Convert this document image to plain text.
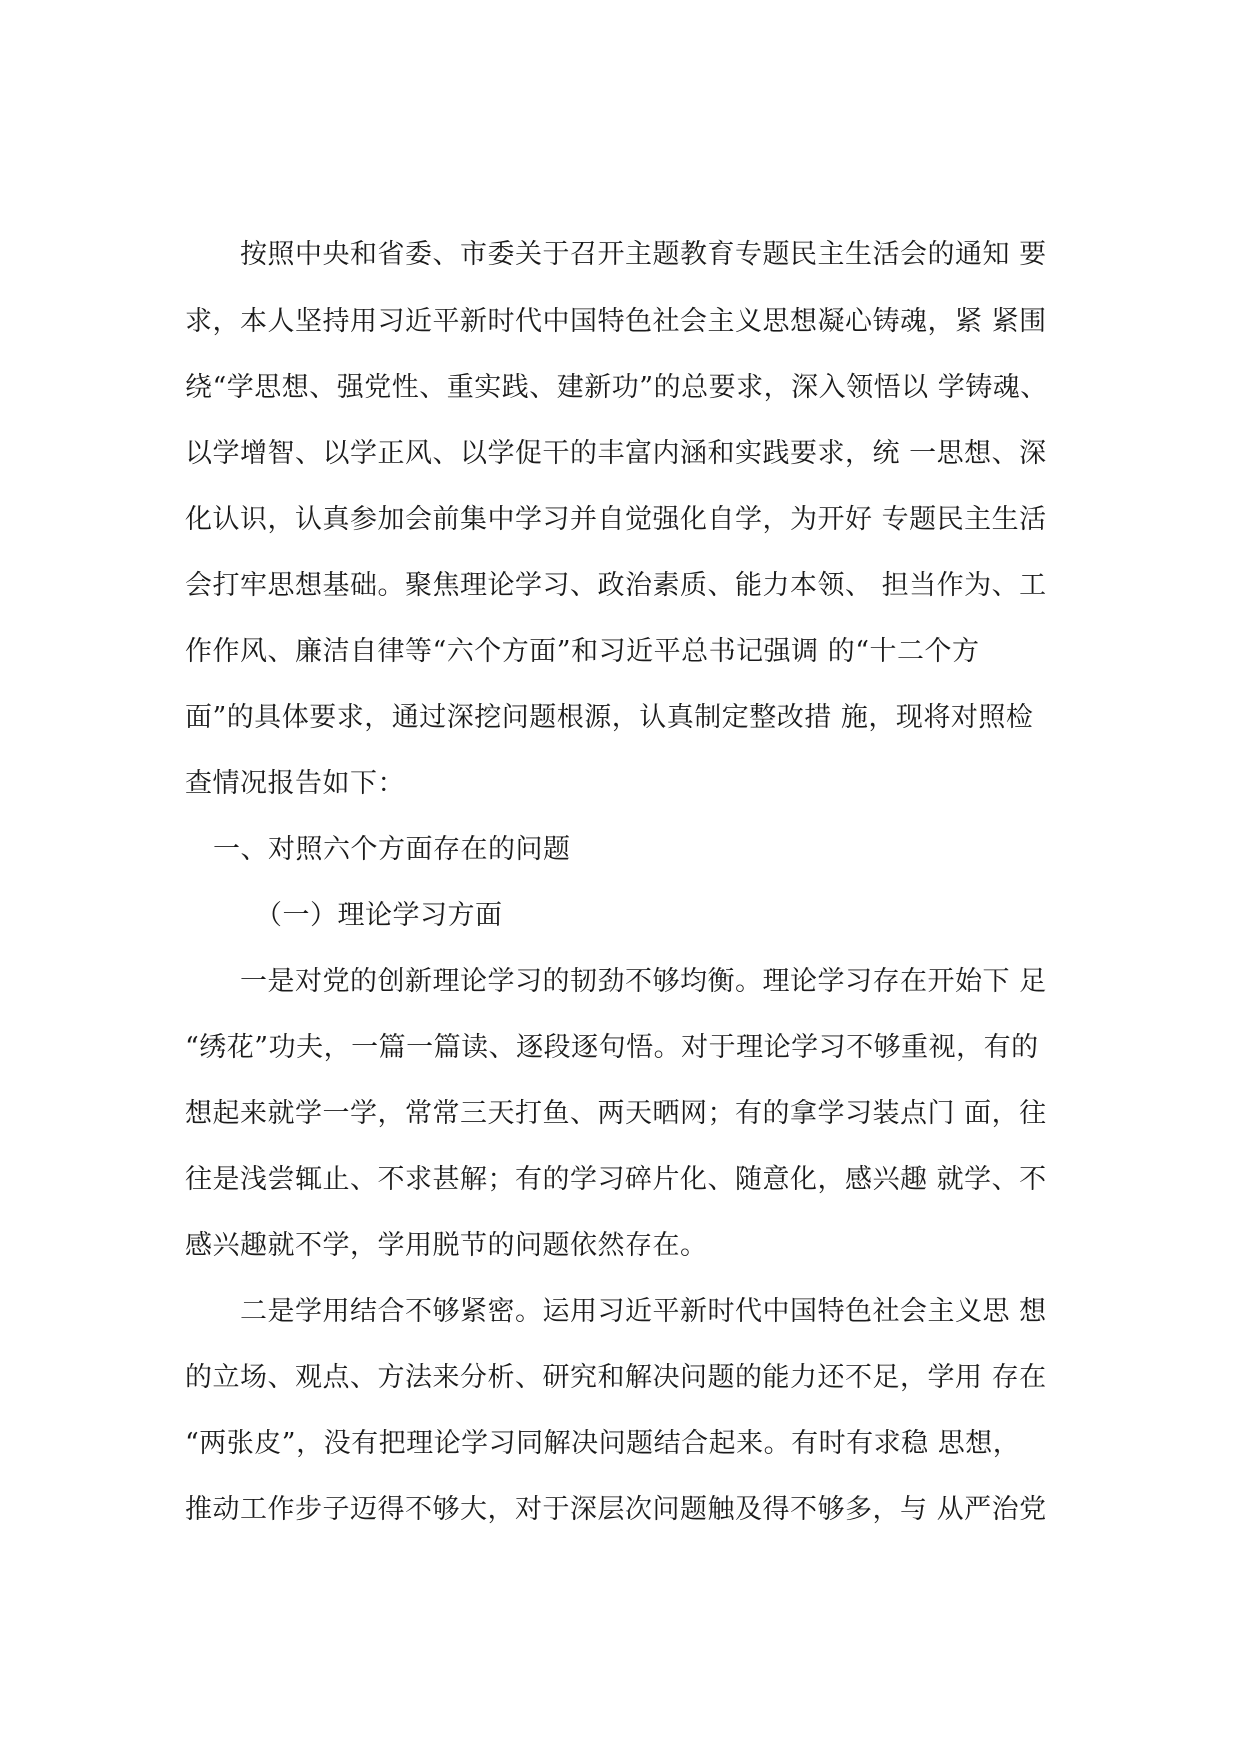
按照中央和省委、市委关于召开主题教育专题民主生活会的通知 要

求，本人坚持用习近平新时代中国特色社会主义思想凝心铸魂，紧 紧围

绕“学思想、强党性、重实践、建新功”的总要求，深入领悟以 学铸魂、

以学增智、以学正风、以学促干的丰富内涵和实践要求，统 一思想、深

化认识，认真参加会前集中学习并自觉强化自学，为开好 专题民主生活

会打牢思想基础。聚焦理论学习、政治素质、能力本领、 担当作为、工

作作风、廉洁自律等“六个方面”和习近平总书记强调 的“十二个方

面”的具体要求，通过深挖问题根源，认真制定整改措 施，现将对照检

查情况报告如下：

一、对照六个方面存在的问题

（一）理论学习方面

一是对党的创新理论学习的韧劲不够均衡。理论学习存在开始下 足

“绣花”功夫，一篇一篇读、逐段逐句悟。对于理论学习不够重视，有的

想起来就学一学，常常三天打鱼、两天晒网；有的拿学习装点门 面，往

往是浅尝辄止、不求甚解；有的学习碎片化、随意化，感兴趣 就学、不

感兴趣就不学，学用脱节的问题依然存在。

二是学用结合不够紧密。运用习近平新时代中国特色社会主义思 想

的立场、观点、方法来分析、研究和解决问题的能力还不足，学用 存在

“两张皮”，没有把理论学习同解决问题结合起来。有时有求稳 思想，

推动工作步子迈得不够大，对于深层次问题触及得不够多，与 从严治党
